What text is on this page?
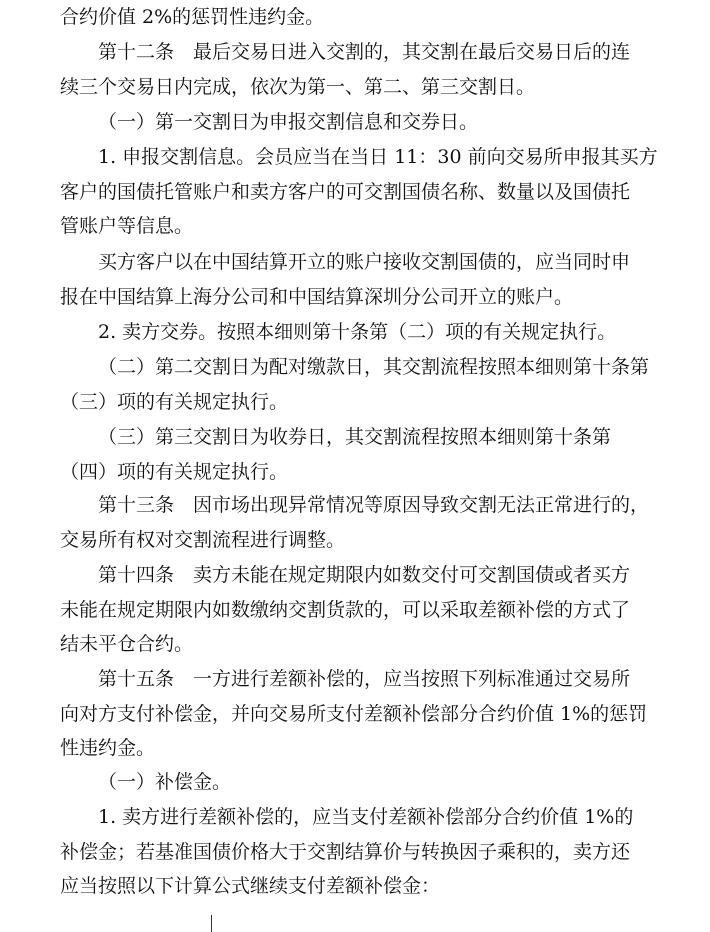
合约价值 2%的惩罚性违约金。
第十二条　最后交易日进入交割的，其交割在最后交易日后的连
续三个交易日内完成，依次为第一、第二、第三交割日。
（一）第一交割日为申报交割信息和交券日。
1. 申报交割信息。会员应当在当日 11：30 前向交易所申报其买方
客户的国债托管账户和卖方客户的可交割国债名称、数量以及国债托
管账户等信息。
买方客户以在中国结算开立的账户接收交割国债的，应当同时申
报在中国结算上海分公司和中国结算深圳分公司开立的账户。
2. 卖方交券。按照本细则第十条第（二）项的有关规定执行。
（二）第二交割日为配对缴款日，其交割流程按照本细则第十条第
（三）项的有关规定执行。
（三）第三交割日为收券日，其交割流程按照本细则第十条第
（四）项的有关规定执行。
第十三条　因市场出现异常情况等原因导致交割无法正常进行的，
交易所有权对交割流程进行调整。
第十四条　卖方未能在规定期限内如数交付可交割国债或者买方
未能在规定期限内如数缴纳交割货款的，可以采取差额补偿的方式了
结未平仓合约。
第十五条　一方进行差额补偿的，应当按照下列标准通过交易所
向对方支付补偿金，并向交易所支付差额补偿部分合约价值 1%的惩罚
性违约金。
（一）补偿金。
1. 卖方进行差额补偿的，应当支付差额补偿部分合约价值 1%的
补偿金；若基准国债价格大于交割结算价与转换因子乘积的，卖方还
应当按照以下计算公式继续支付差额补偿金：
